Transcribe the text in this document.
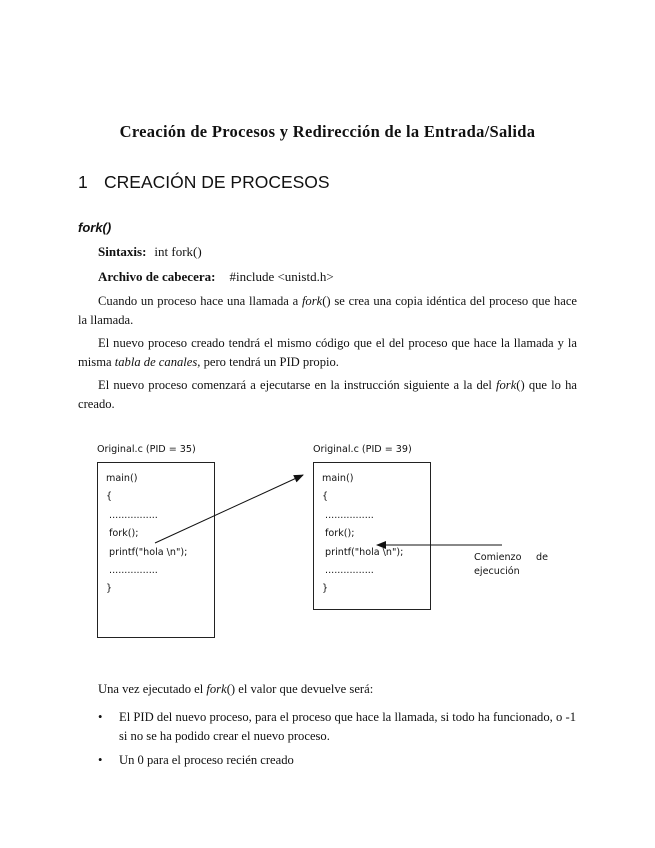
Creación de Procesos y Redirección de la Entrada/Salida
1 CREACIÓN DE PROCESOS
fork()
Sintaxis: int fork()
Archivo de cabecera: #include <unistd.h>

Cuando un proceso hace una llamada a fork() se crea una copia idéntica del proceso que hace la llamada.

El nuevo proceso creado tendrá el mismo código que el del proceso que hace la llamada y la misma tabla de canales, pero tendrá un PID propio.

El nuevo proceso comenzará a ejecutarse en la instrucción siguiente a la del fork() que lo ha creado.

Original.c (PID = 35)	Original.c (PID = 39)
main()
{
................
fork();
printf("hola \n");
................
}
main()
{
................
fork();
printf("hola \n");
................
}
Comienzo de
ejecución
Una vez ejecutado el fork() el valor que devuelve será:
• El PID del nuevo proceso, para el proceso que hace la llamada, si todo ha funcionado, o -1 si no se ha podido crear el nuevo proceso.
• Un 0 para el proceso recién creado
